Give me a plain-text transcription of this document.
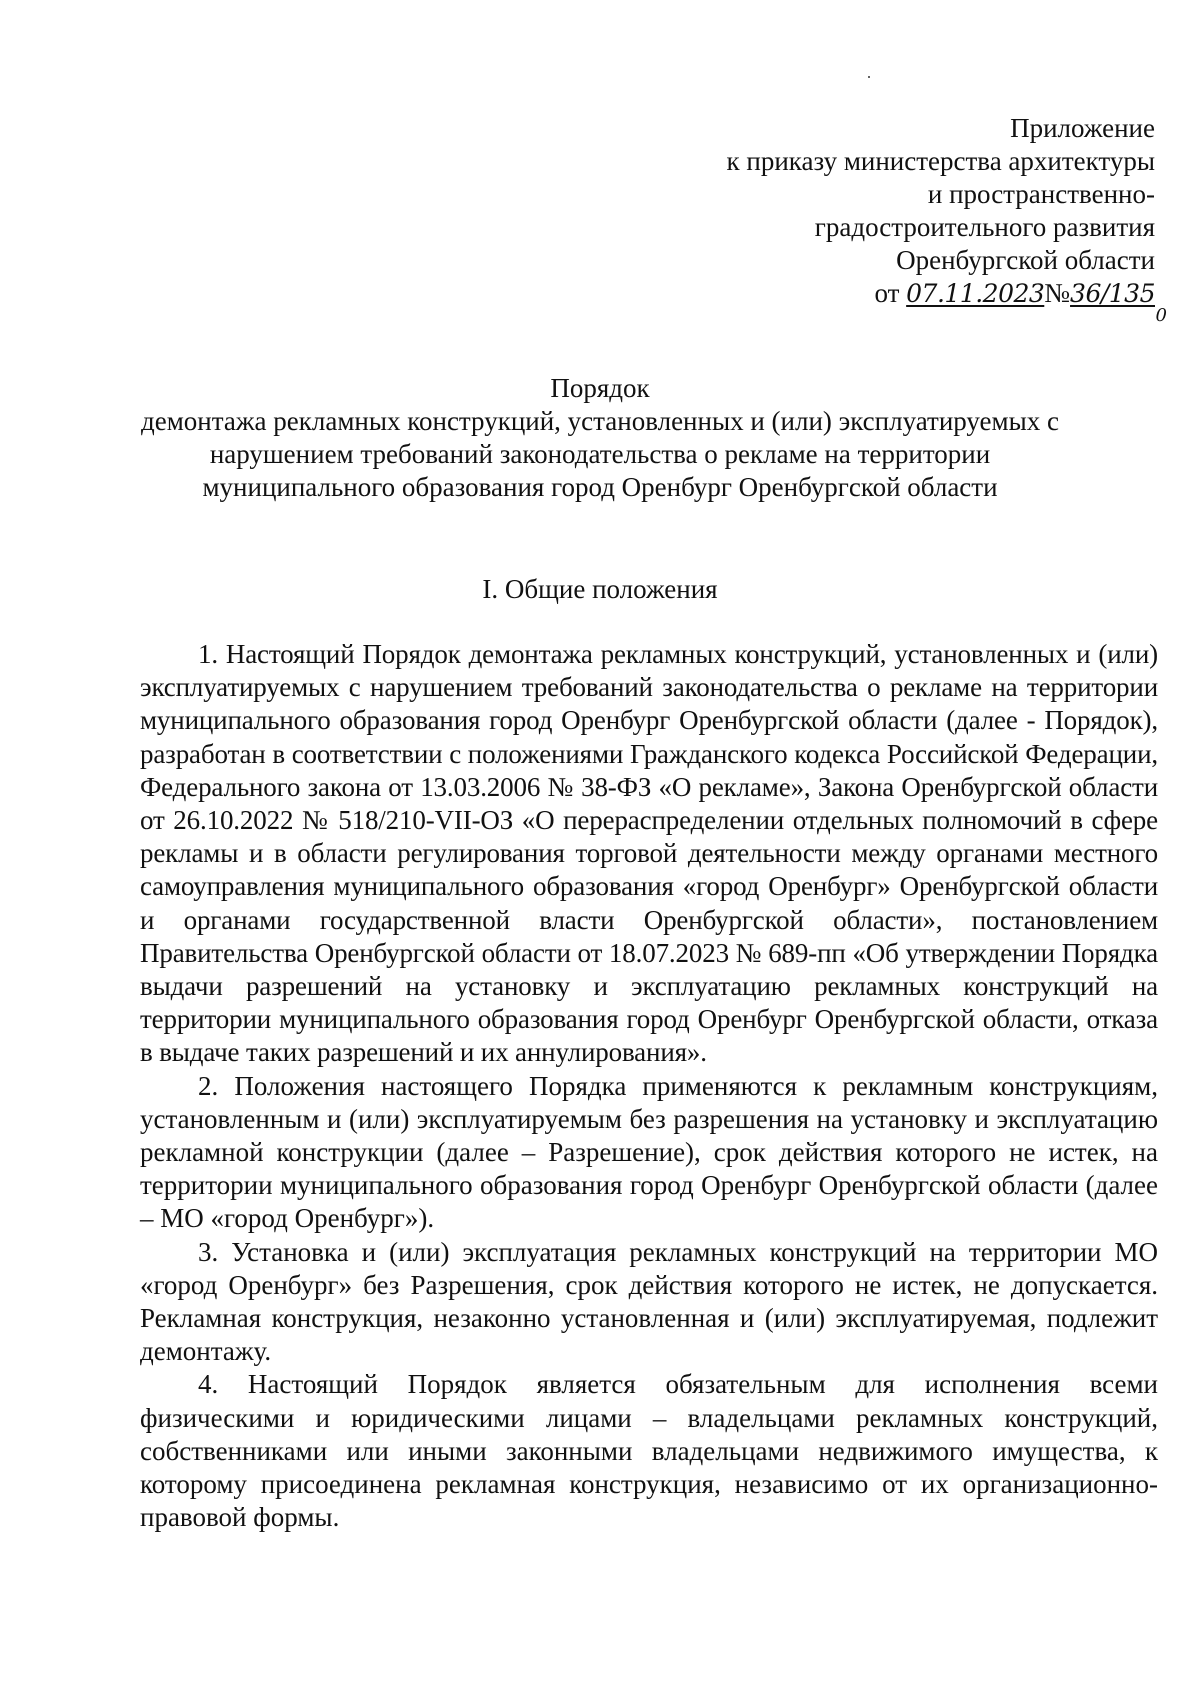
Приложение
к приказу министерства архитектуры
и пространственно-
градостроительного развития
Оренбургской области
от 07.11.2023№36/135
0
Порядок
демонтажа рекламных конструкций, установленных и (или) эксплуатируемых с
нарушением требований законодательства о рекламе на территории
муниципального образования город Оренбург Оренбургской области
I. Общие положения

1. Настоящий Порядок демонтажа рекламных конструкций, установленных и (или) эксплуатируемых с нарушением требований законодательства о рекламе на территории муниципального образования город Оренбург Оренбургской области (далее - Порядок), разработан в соответствии с положениями Гражданского кодекса Российской Федерации, Федерального закона от 13.03.2006 № 38-ФЗ «О рекламе», Закона Оренбургской области от 26.10.2022 № 518/210-VII-ОЗ «О перераспределении отдельных полномочий в сфере рекламы и в области регулирования торговой деятельности между органами местного самоуправления муниципального образования «город Оренбург» Оренбургской области и органами государственной власти Оренбургской области», постановлением Правительства Оренбургской области от 18.07.2023 № 689-пп «Об утверждении Порядка выдачи разрешений на установку и эксплуатацию рекламных конструкций на территории муниципального образования город Оренбург Оренбургской области, отказа в выдаче таких разрешений и их аннулирования».

2. Положения настоящего Порядка применяются к рекламным конструкциям, установленным и (или) эксплуатируемым без разрешения на установку и эксплуатацию рекламной конструкции (далее – Разрешение), срок действия которого не истек, на территории муниципального образования город Оренбург Оренбургской области (далее – МО «город Оренбург»).

3. Установка и (или) эксплуатация рекламных конструкций на территории МО «город Оренбург» без Разрешения, срок действия которого не истек, не допускается. Рекламная конструкция, незаконно установленная и (или) эксплуатируемая, подлежит демонтажу.

4. Настоящий Порядок является обязательным для исполнения всеми физическими и юридическими лицами – владельцами рекламных конструкций, собственниками или иными законными владельцами недвижимого имущества, к которому присоединена рекламная конструкция, независимо от их организационно-правовой формы.
